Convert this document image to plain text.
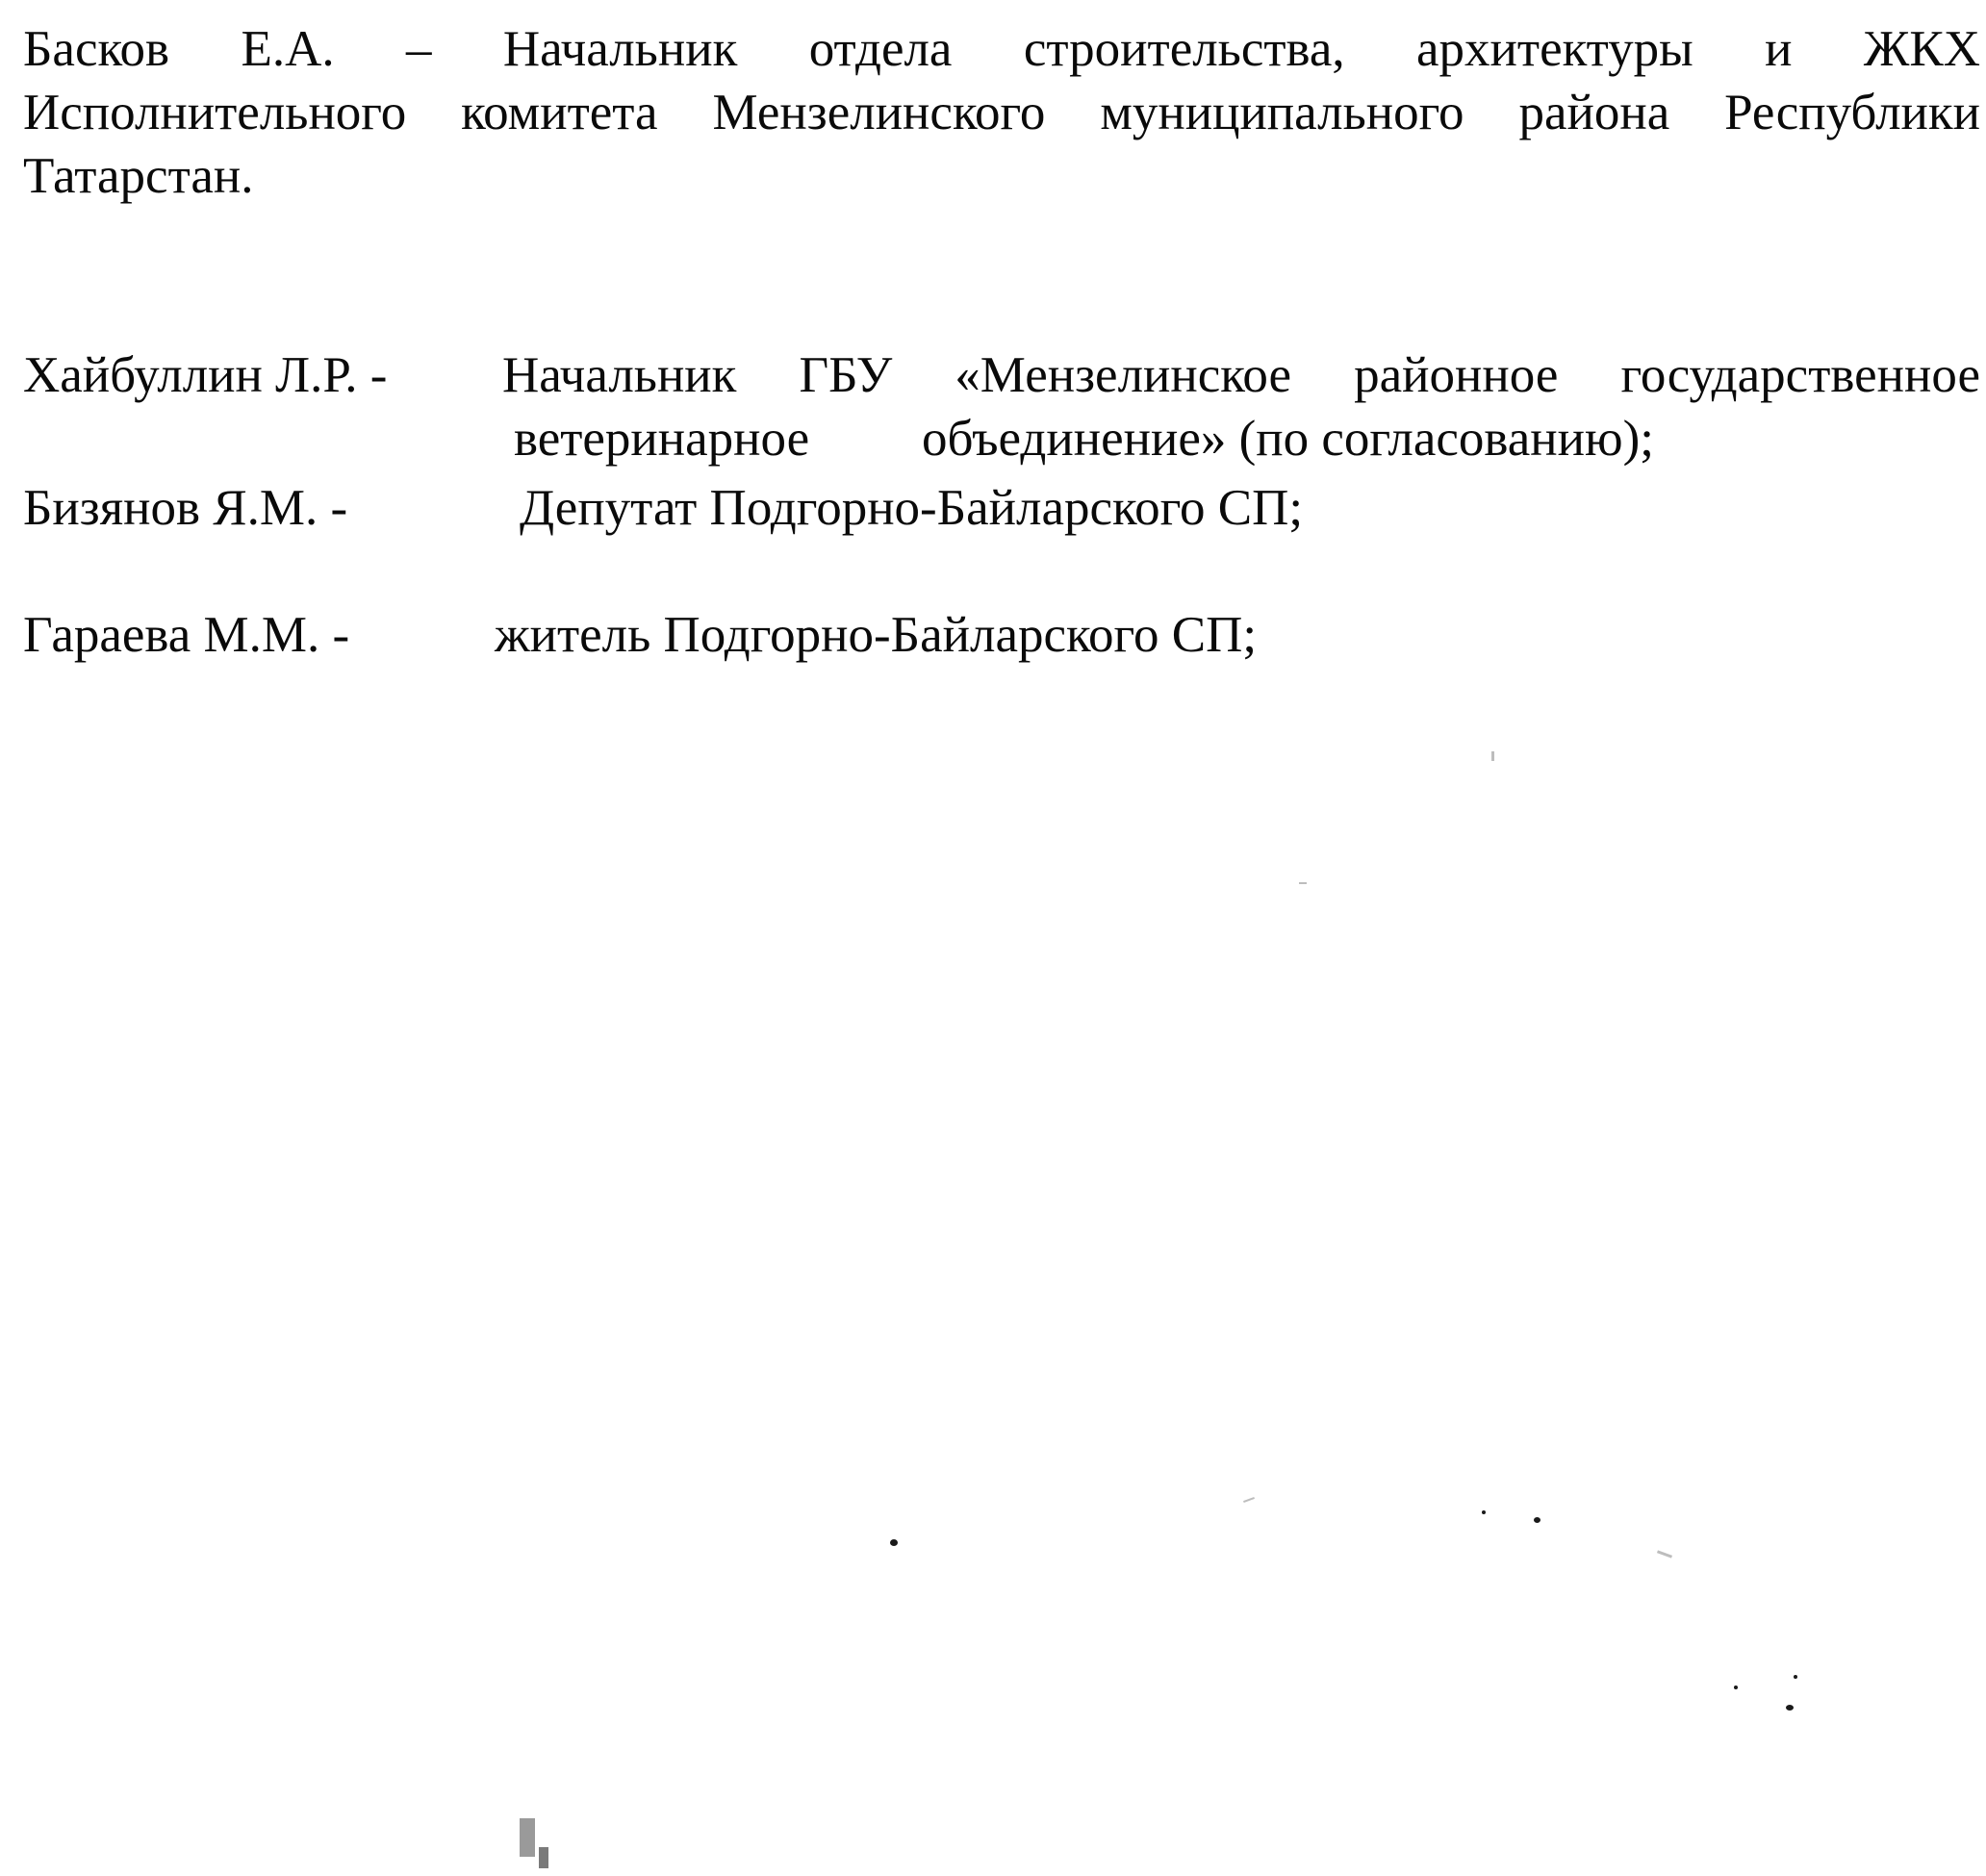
Басков Е.А. – Начальник отдела строительства, архитектуры и ЖКХ
Исполнительного комитета Мензелинского муниципального района Республики
Татарстан.
Хайбуллин Л.Р. - Начальник ГБУ «Мензелинское районное государственное
ветеринарное объединение» (по согласованию);
Бизянов Я.М. -	Депутат Подгорно-Байларского СП;
Гараева М.М. -	житель Подгорно-Байларского СП;
